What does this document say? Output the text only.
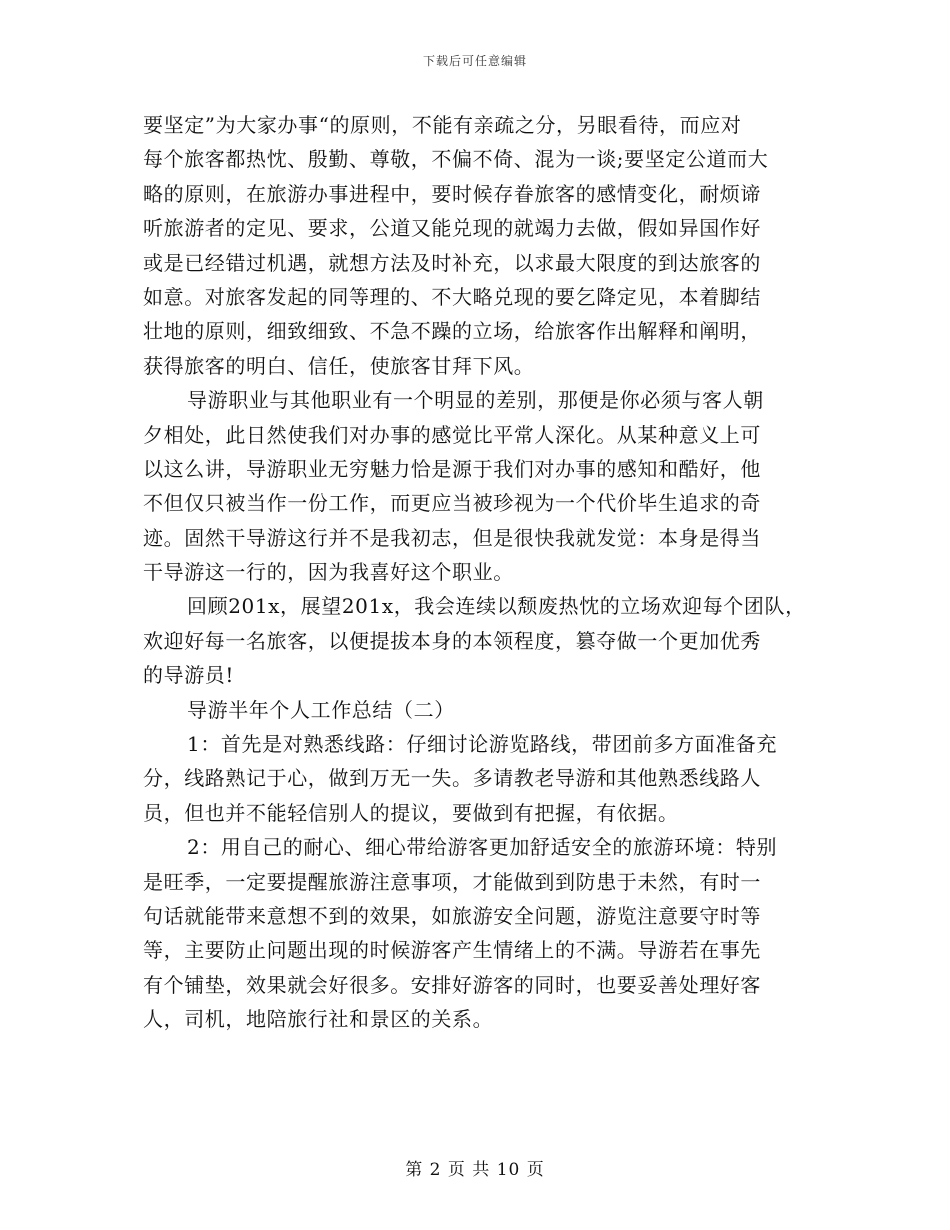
下载后可任意编辑
要坚定”为大家办事“的原则，不能有亲疏之分，另眼看待，而应对
每个旅客都热忱、殷勤、尊敬，不偏不倚、混为一谈;要坚定公道而大
略的原则，在旅游办事进程中，要时候存眷旅客的感情变化，耐烦谛
听旅游者的定见、要求，公道又能兑现的就竭力去做，假如异国作好
或是已经错过机遇，就想方法及时补充，以求最大限度的到达旅客的
如意。对旅客发起的同等理的、不大略兑现的要乞降定见，本着脚结
壮地的原则，细致细致、不急不躁的立场，给旅客作出解释和阐明，
获得旅客的明白、信任，使旅客甘拜下风。
导游职业与其他职业有一个明显的差别，那便是你必须与客人朝
夕相处，此日然使我们对办事的感觉比平常人深化。从某种意义上可
以这么讲，导游职业无穷魅力恰是源于我们对办事的感知和酷好，他
不但仅只被当作一份工作，而更应当被珍视为一个代价毕生追求的奇
迹。固然干导游这行并不是我初志，但是很快我就发觉：本身是得当
干导游这一行的，因为我喜好这个职业。
回顾201x，展望201x，我会连续以颓废热忱的立场欢迎每个团队，
欢迎好每一名旅客，以便提拔本身的本领程度，篡夺做一个更加优秀
的导游员!
导游半年个人工作总结（二）
1：首先是对熟悉线路：仔细讨论游览路线，带团前多方面准备充
分，线路熟记于心，做到万无一失。多请教老导游和其他熟悉线路人
员，但也并不能轻信别人的提议，要做到有把握，有依据。
2：用自己的耐心、细心带给游客更加舒适安全的旅游环境：特别
是旺季，一定要提醒旅游注意事项，才能做到到防患于未然，有时一
句话就能带来意想不到的效果，如旅游安全问题，游览注意要守时等
等，主要防止问题出现的时候游客产生情绪上的不满。导游若在事先
有个铺垫，效果就会好很多。安排好游客的同时，也要妥善处理好客
人，司机，地陪旅行社和景区的关系。
第 2 页 共 10 页
